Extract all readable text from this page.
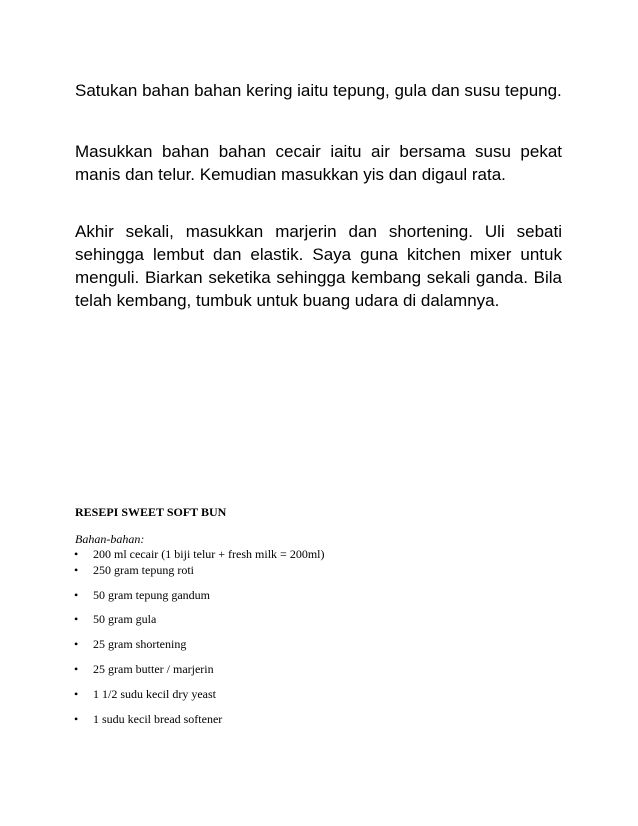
Satukan bahan bahan kering iaitu tepung, gula dan susu tepung.

Masukkan bahan bahan cecair iaitu air bersama susu pekat manis dan telur. Kemudian masukkan yis dan digaul rata.

Akhir sekali, masukkan marjerin dan shortening. Uli sebati sehingga lembut dan elastik. Saya guna kitchen mixer untuk menguli. Biarkan seketika sehingga kembang sekali ganda. Bila telah kembang, tumbuk untuk buang udara di dalamnya.

RESEPI SWEET SOFT BUN

Bahan-bahan:

• 200 ml cecair (1 biji telur + fresh milk = 200ml)
• 250 gram tepung roti
• 50 gram tepung gandum
• 50 gram gula
• 25 gram shortening
• 25 gram butter / marjerin
• 1 1/2 sudu kecil dry yeast
• 1 sudu kecil bread softener
